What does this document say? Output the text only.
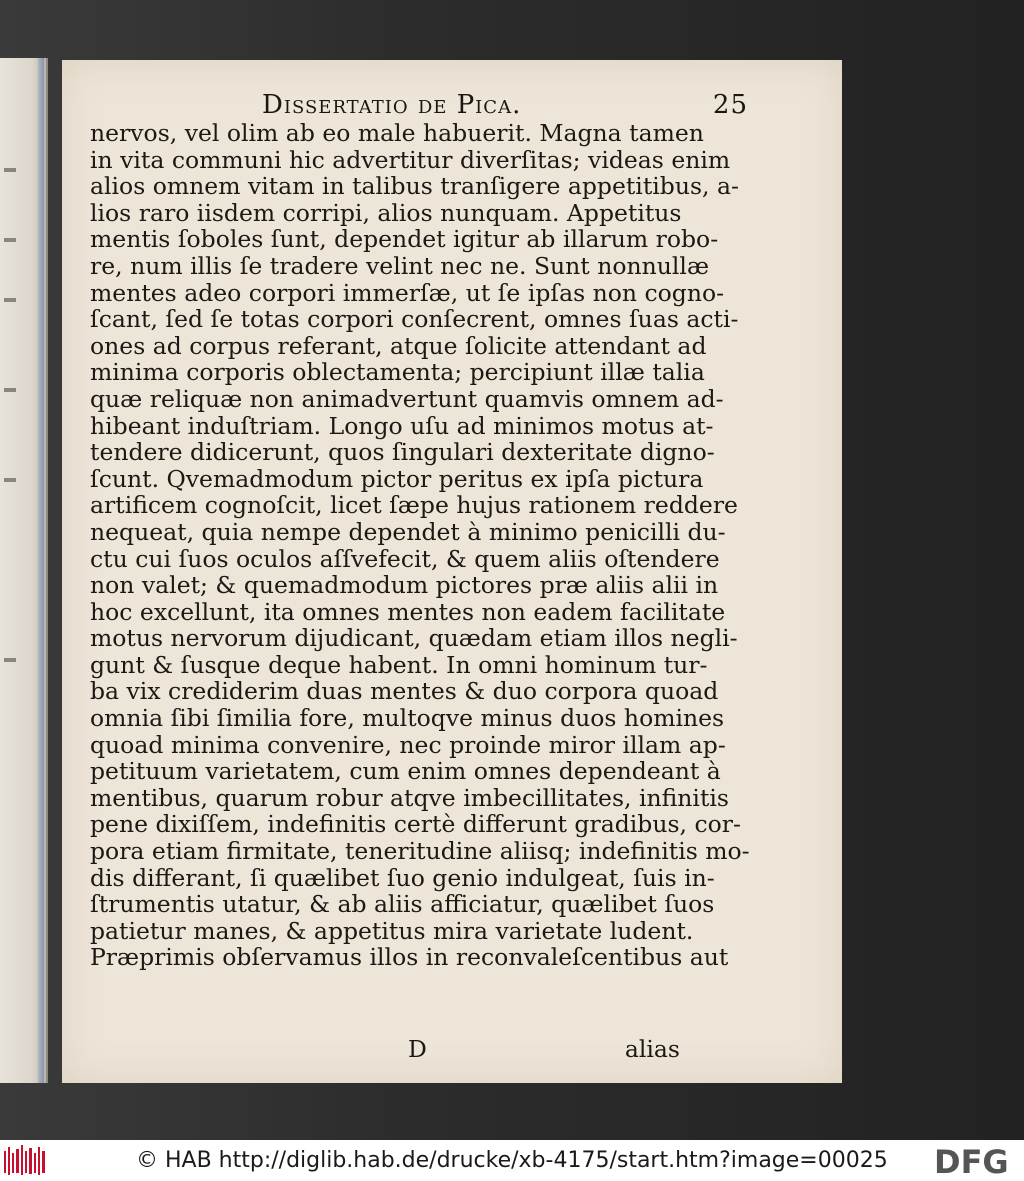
Dissertatio de Pica.	25
nervos, vel olim ab eo male habuerit. Magna tamen
in vita communi hic advertitur diverſitas; videas enim
alios omnem vitam in talibus tranſigere appetitibus, a-
lios raro iisdem corripi, alios nunquam. Appetitus
mentis ſoboles ſunt, dependet igitur ab illarum robo-
re, num illis ſe tradere velint nec ne. Sunt nonnullæ
mentes adeo corpori immerſæ, ut ſe ipſas non cogno-
ſcant, ſed ſe totas corpori conſecrent, omnes ſuas acti-
ones ad corpus referant, atque ſolicite attendant ad
minima corporis oblectamenta; percipiunt illæ talia
quæ reliquæ non animadvertunt quamvis omnem ad-
hibeant induſtriam. Longo uſu ad minimos motus at-
tendere didicerunt, quos ſingulari dexteritate digno-
ſcunt. Qvemadmodum pictor peritus ex ipſa pictura
artificem cognoſcit, licet ſæpe hujus rationem reddere
nequeat, quia nempe dependet à minimo penicilli du-
ctu cui ſuos oculos aſſvefecit, & quem aliis oſtendere
non valet; & quemadmodum pictores præ aliis alii in
hoc excellunt, ita omnes mentes non eadem facilitate
motus nervorum dijudicant, quædam etiam illos negli-
gunt & ſusque deque habent. In omni hominum tur-
ba vix crediderim duas mentes & duo corpora quoad
omnia ſibi ſimilia fore, multoqve minus duos homines
quoad minima convenire, nec proinde miror illam ap-
petituum varietatem, cum enim omnes dependeant à
mentibus, quarum robur atqve imbecillitates, infinitis
pene dixiſſem, indefinitis certè differunt gradibus, cor-
pora etiam firmitate, teneritudine aliisq; indefinitis mo-
dis differant, ſi quælibet ſuo genio indulgeat, ſuis in-
ſtrumentis utatur, & ab aliis afficiatur, quælibet ſuos
patietur manes, & appetitus mira varietate ludent.
Præprimis obſervamus illos in reconvaleſcentibus aut
D	alias
© HAB http://diglib.hab.de/drucke/xb-4175/start.htm?image=00025 DFG
